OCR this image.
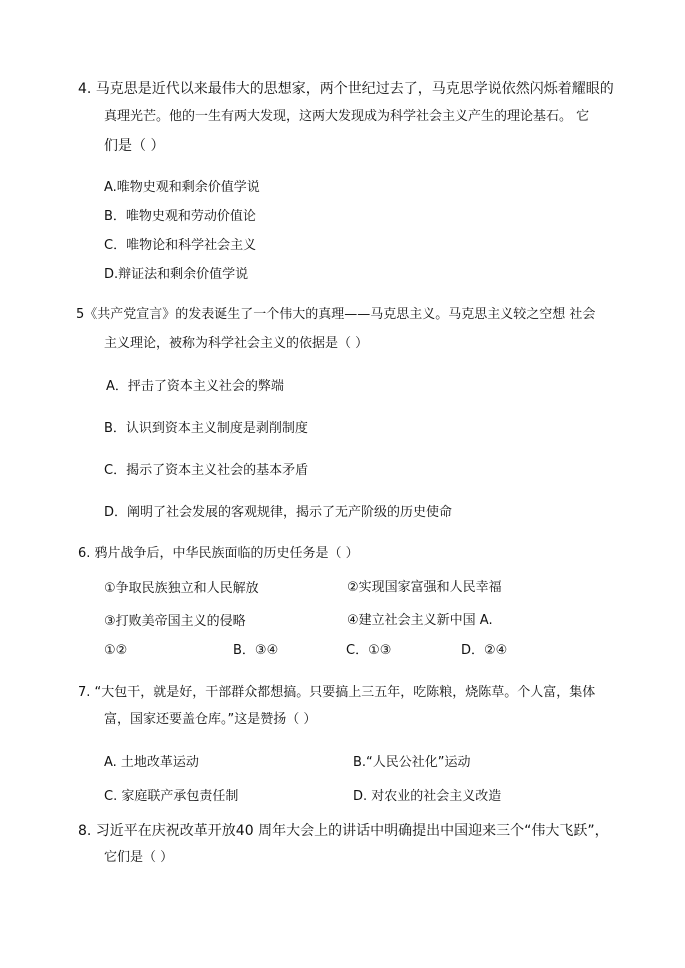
4. 马克思是近代以来最伟大的思想家，两个世纪过去了，马克思学说依然闪烁着耀眼的
真理光芒。他的一生有两大发现，这两大发现成为科学社会主义产生的理论基石。 它
们是（ ）
A.唯物史观和剩余价值学说
B．唯物史观和劳动价值论
C．唯物论和科学社会主义
D.辩证法和剩余价值学说
5《共产党宣言》的发表诞生了一个伟大的真理——马克思主义。马克思主义较之空想 社会
主义理论，被称为科学社会主义的依据是（ ）
A．抨击了资本主义社会的弊端
B．认识到资本主义制度是剥削制度
C．揭示了资本主义社会的基本矛盾
D．阐明了社会发展的客观规律，揭示了无产阶级的历史使命
6. 鸦片战争后，中华民族面临的历史任务是（ ）
①争取民族独立和人民解放	②实现国家富强和人民幸福
③打败美帝国主义的侵略	④建立社会主义新中国 A.
①②	B．③④	C．①③	D．②④
7. “大包干，就是好，干部群众都想搞。只要搞上三五年，吃陈粮，烧陈草。个人富，集体
富，国家还要盖仓库。”这是赞扬（ ）
A. 土地改革运动	B.“人民公社化”运动
C. 家庭联产承包责任制	D. 对农业的社会主义改造
8. 习近平在庆祝改革开放40 周年大会上的讲话中明确提出中国迎来三个“伟大飞跃”，
它们是（ ）
